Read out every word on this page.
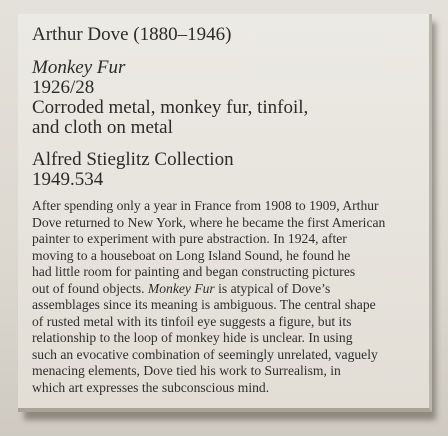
Arthur Dove (1880–1946)
Monkey Fur
1926/28
Corroded metal, monkey fur, tinfoil,
and cloth on metal
Alfred Stieglitz Collection
1949.534
After spending only a year in France from 1908 to 1909, Arthur
Dove returned to New York, where he became the first American
painter to experiment with pure abstraction. In 1924, after
moving to a houseboat on Long Island Sound, he found he
had little room for painting and began constructing pictures
out of found objects. Monkey Fur is atypical of Dove’s
assemblages since its meaning is ambiguous. The central shape
of rusted metal with its tinfoil eye suggests a figure, but its
relationship to the loop of monkey hide is unclear. In using
such an evocative combination of seemingly unrelated, vaguely
menacing elements, Dove tied his work to Surrealism, in
which art expresses the subconscious mind.
